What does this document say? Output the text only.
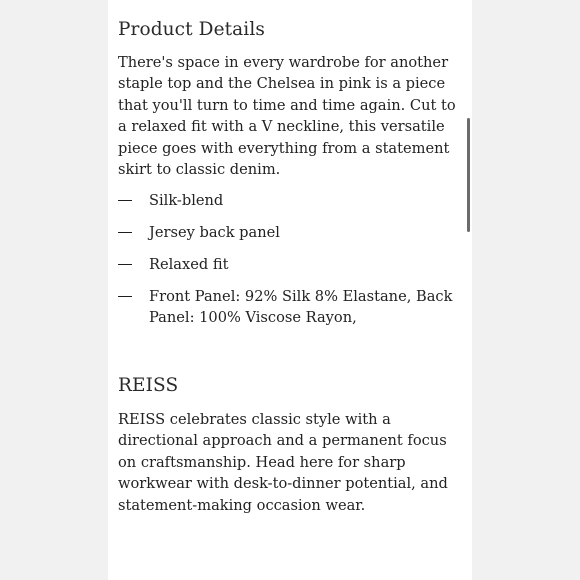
Product Details

There's space in every wardrobe for another staple top and the Chelsea in pink is a piece that you'll turn to time and time again. Cut to a relaxed fit with a V neckline, this versatile piece goes with everything from a statement skirt to classic denim.

Silk-blend
Jersey back panel
Relaxed fit
Front Panel: 92% Silk 8% Elastane, Back Panel: 100% Viscose Rayon,
REISS

REISS celebrates classic style with a directional approach and a permanent focus on craftsmanship. Head here for sharp workwear with desk-to-dinner potential, and statement-making occasion wear.
